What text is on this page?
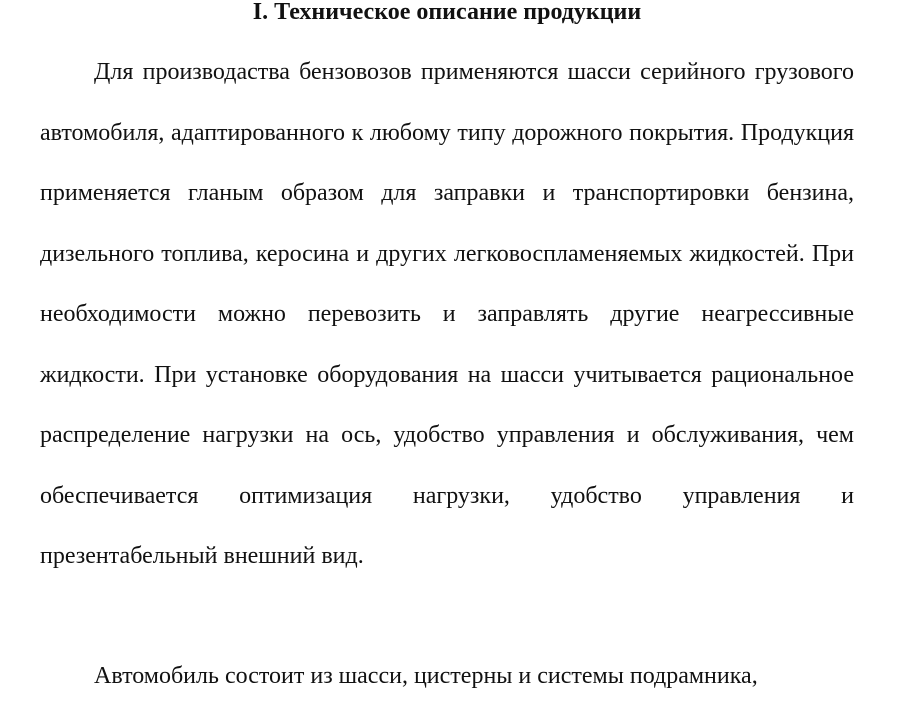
I. Техническое описание продукции

Для производаства бензовозов применяются шасси серийного грузового автомобиля, адаптированного к любому типу дорожного покрытия. Продукция применяется гланым образом для заправки и транспортировки бензина, дизельного топлива, керосина и других легковоспламеняемых жидкостей. При необходимости можно перевозить и заправлять другие неагрессивные жидкости. При установке оборудования на шасси учитывается рациональное распределение нагрузки на ось, удобство управления и обслуживания, чем обеспечивается оптимизация нагрузки, удобство управления и презентабельный внешний вид.

Автомобиль состоит из шасси, цистерны и системы подрамника,
